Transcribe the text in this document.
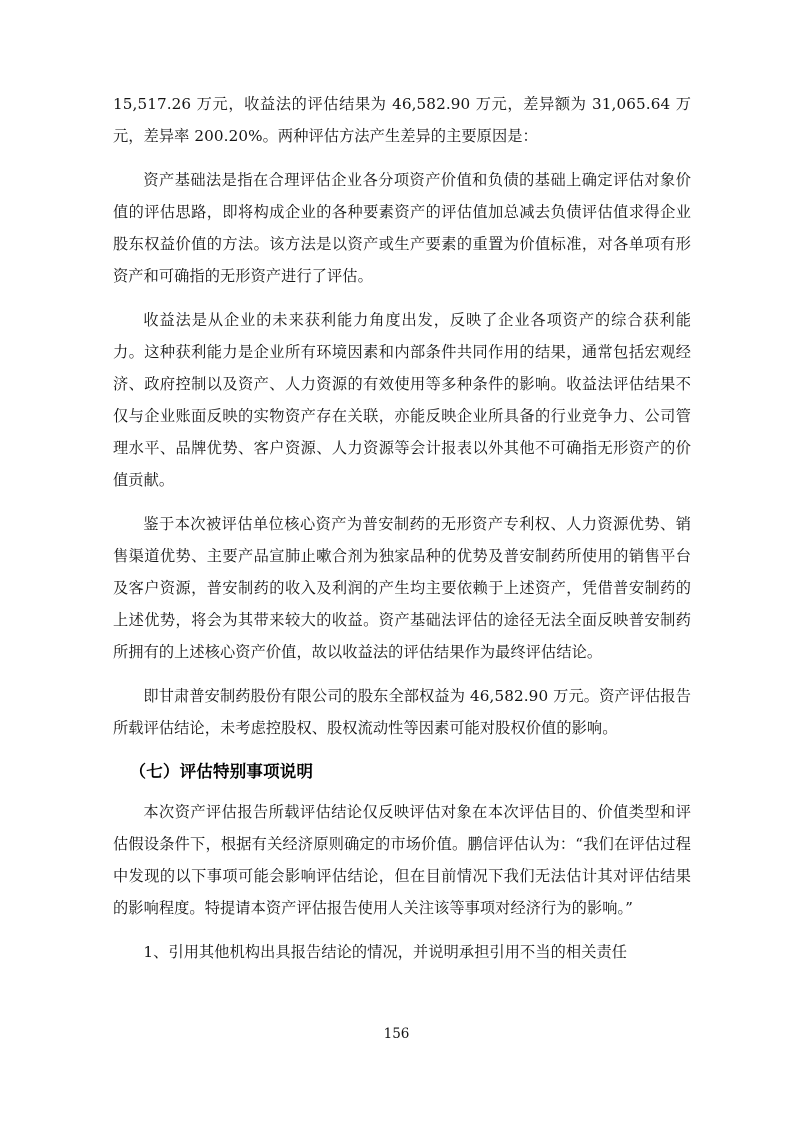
15,517.26 万元，收益法的评估结果为 46,582.90 万元，差异额为 31,065.64 万元，差异率 200.20%。两种评估方法产生差异的主要原因是：

资产基础法是指在合理评估企业各分项资产价值和负债的基础上确定评估对象价值的评估思路，即将构成企业的各种要素资产的评估值加总减去负债评估值求得企业股东权益价值的方法。该方法是以资产或生产要素的重置为价值标准，对各单项有形资产和可确指的无形资产进行了评估。

收益法是从企业的未来获利能力角度出发，反映了企业各项资产的综合获利能力。这种获利能力是企业所有环境因素和内部条件共同作用的结果，通常包括宏观经济、政府控制以及资产、人力资源的有效使用等多种条件的影响。收益法评估结果不仅与企业账面反映的实物资产存在关联，亦能反映企业所具备的行业竞争力、公司管理水平、品牌优势、客户资源、人力资源等会计报表以外其他不可确指无形资产的价值贡献。

鉴于本次被评估单位核心资产为普安制药的无形资产专利权、人力资源优势、销售渠道优势、主要产品宣肺止嗽合剂为独家品种的优势及普安制药所使用的销售平台及客户资源，普安制药的收入及利润的产生均主要依赖于上述资产，凭借普安制药的上述优势，将会为其带来较大的收益。资产基础法评估的途径无法全面反映普安制药所拥有的上述核心资产价值，故以收益法的评估结果作为最终评估结论。

即甘肃普安制药股份有限公司的股东全部权益为 46,582.90 万元。资产评估报告所载评估结论，未考虑控股权、股权流动性等因素可能对股权价值的影响。

（七）评估特别事项说明

本次资产评估报告所载评估结论仅反映评估对象在本次评估目的、价值类型和评估假设条件下，根据有关经济原则确定的市场价值。鹏信评估认为：“我们在评估过程中发现的以下事项可能会影响评估结论，但在目前情况下我们无法估计其对评估结果的影响程度。特提请本资产评估报告使用人关注该等事项对经济行为的影响。”

1、引用其他机构出具报告结论的情况，并说明承担引用不当的相关责任

156
